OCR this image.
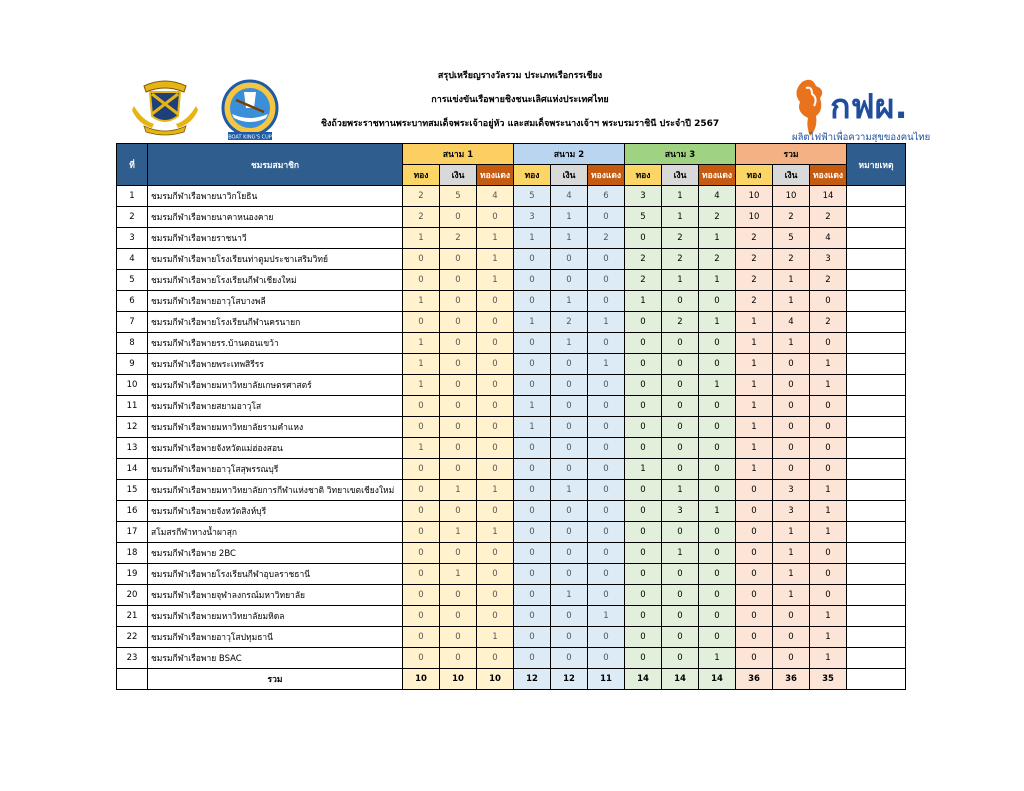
BOAT KING'S CUP
สรุปเหรียญรางวัลรวม ประเภทเรือกรรเชียง
การแข่งขันเรือพายชิงชนะเลิศแห่งประเทศไทย
ชิงถ้วยพระราชทานพระบาทสมเด็จพระเจ้าอยู่หัว และสมเด็จพระนางเจ้าฯ พระบรมราชินี ประจำปี 2567	กฟผ.
ผลิตไฟฟ้าเพื่อความสุขของคนไทย
ที่	ชมรมสมาชิก	สนาม 1			สนาม 2			สนาม 3			รวม			หมายเหตุ
		ทอง	เงิน	ทองแดง	ทอง	เงิน	ทองแดง	ทอง	เงิน	ทองแดง	ทอง	เงิน	ทองแดง	
1	ชมรมกีฬาเรือพายนาวิกโยธิน	2	5	4	5	4	6	3	1	4	10	10	14	
2	ชมรมกีฬาเรือพายนาคาหนองคาย	2	0	0	3	1	0	5	1	2	10	2	2	
3	ชมรมกีฬาเรือพายราชนาวี	1	2	1	1	1	2	0	2	1	2	5	4	
4	ชมรมกีฬาเรือพายโรงเรียนท่าตูมประชาเสริมวิทย์	0	0	1	0	0	0	2	2	2	2	2	3	
5	ชมรมกีฬาเรือพายโรงเรียนกีฬาเชียงใหม่	0	0	1	0	0	0	2	1	1	2	1	2	
6	ชมรมกีฬาเรือพายอาวุโสบางพลี	1	0	0	0	1	0	1	0	0	2	1	0	
7	ชมรมกีฬาเรือพายโรงเรียนกีฬานครนายก	0	0	0	1	2	1	0	2	1	1	4	2	
8	ชมรมกีฬาเรือพายรร.บ้านดอนเขว้า	1	0	0	0	1	0	0	0	0	1	1	0	
9	ชมรมกีฬาเรือพายพระเทพสิรีรร	1	0	0	0	0	1	0	0	0	1	0	1	
10	ชมรมกีฬาเรือพายมหาวิทยาลัยเกษตรศาสตร์	1	0	0	0	0	0	0	0	1	1	0	1	
11	ชมรมกีฬาเรือพายสยามอาวุโส	0	0	0	1	0	0	0	0	0	1	0	0	
12	ชมรมกีฬาเรือพายมหาวิทยาลัยรามคำแหง	0	0	0	1	0	0	0	0	0	1	0	0	
13	ชมรมกีฬาเรือพายจังหวัดแม่ฮ่องสอน	1	0	0	0	0	0	0	0	0	1	0	0	
14	ชมรมกีฬาเรือพายอาวุโสสุพรรณบุรี	0	0	0	0	0	0	1	0	0	1	0	0	
15	ชมรมกีฬาเรือพายมหาวิทยาลัยการกีฬาแห่งชาติ วิทยาเขตเชียงใหม่	0	1	1	0	1	0	0	1	0	0	3	1	
16	ชมรมกีฬาเรือพายจังหวัดสิงห์บุรี	0	0	0	0	0	0	0	3	1	0	3	1	
17	สโมสรกีฬาทางน้ำผาสุก	0	1	1	0	0	0	0	0	0	0	1	1	
18	ชมรมกีฬาเรือพาย 2BC	0	0	0	0	0	0	0	1	0	0	1	0	
19	ชมรมกีฬาเรือพายโรงเรียนกีฬาอุบลราชธานี	0	1	0	0	0	0	0	0	0	0	1	0	
20	ชมรมกีฬาเรือพายจุฬาลงกรณ์มหาวิทยาลัย	0	0	0	0	1	0	0	0	0	0	1	0	
21	ชมรมกีฬาเรือพายมหาวิทยาลัยมหิดล	0	0	0	0	0	1	0	0	0	0	0	1	
22	ชมรมกีฬาเรือพายอาวุโสปทุมธานี	0	0	1	0	0	0	0	0	0	0	0	1	
23	ชมรมกีฬาเรือพาย BSAC	0	0	0	0	0	0	0	0	1	0	0	1	
	รวม	10	10	10	12	12	11	14	14	14	36	36	35	
